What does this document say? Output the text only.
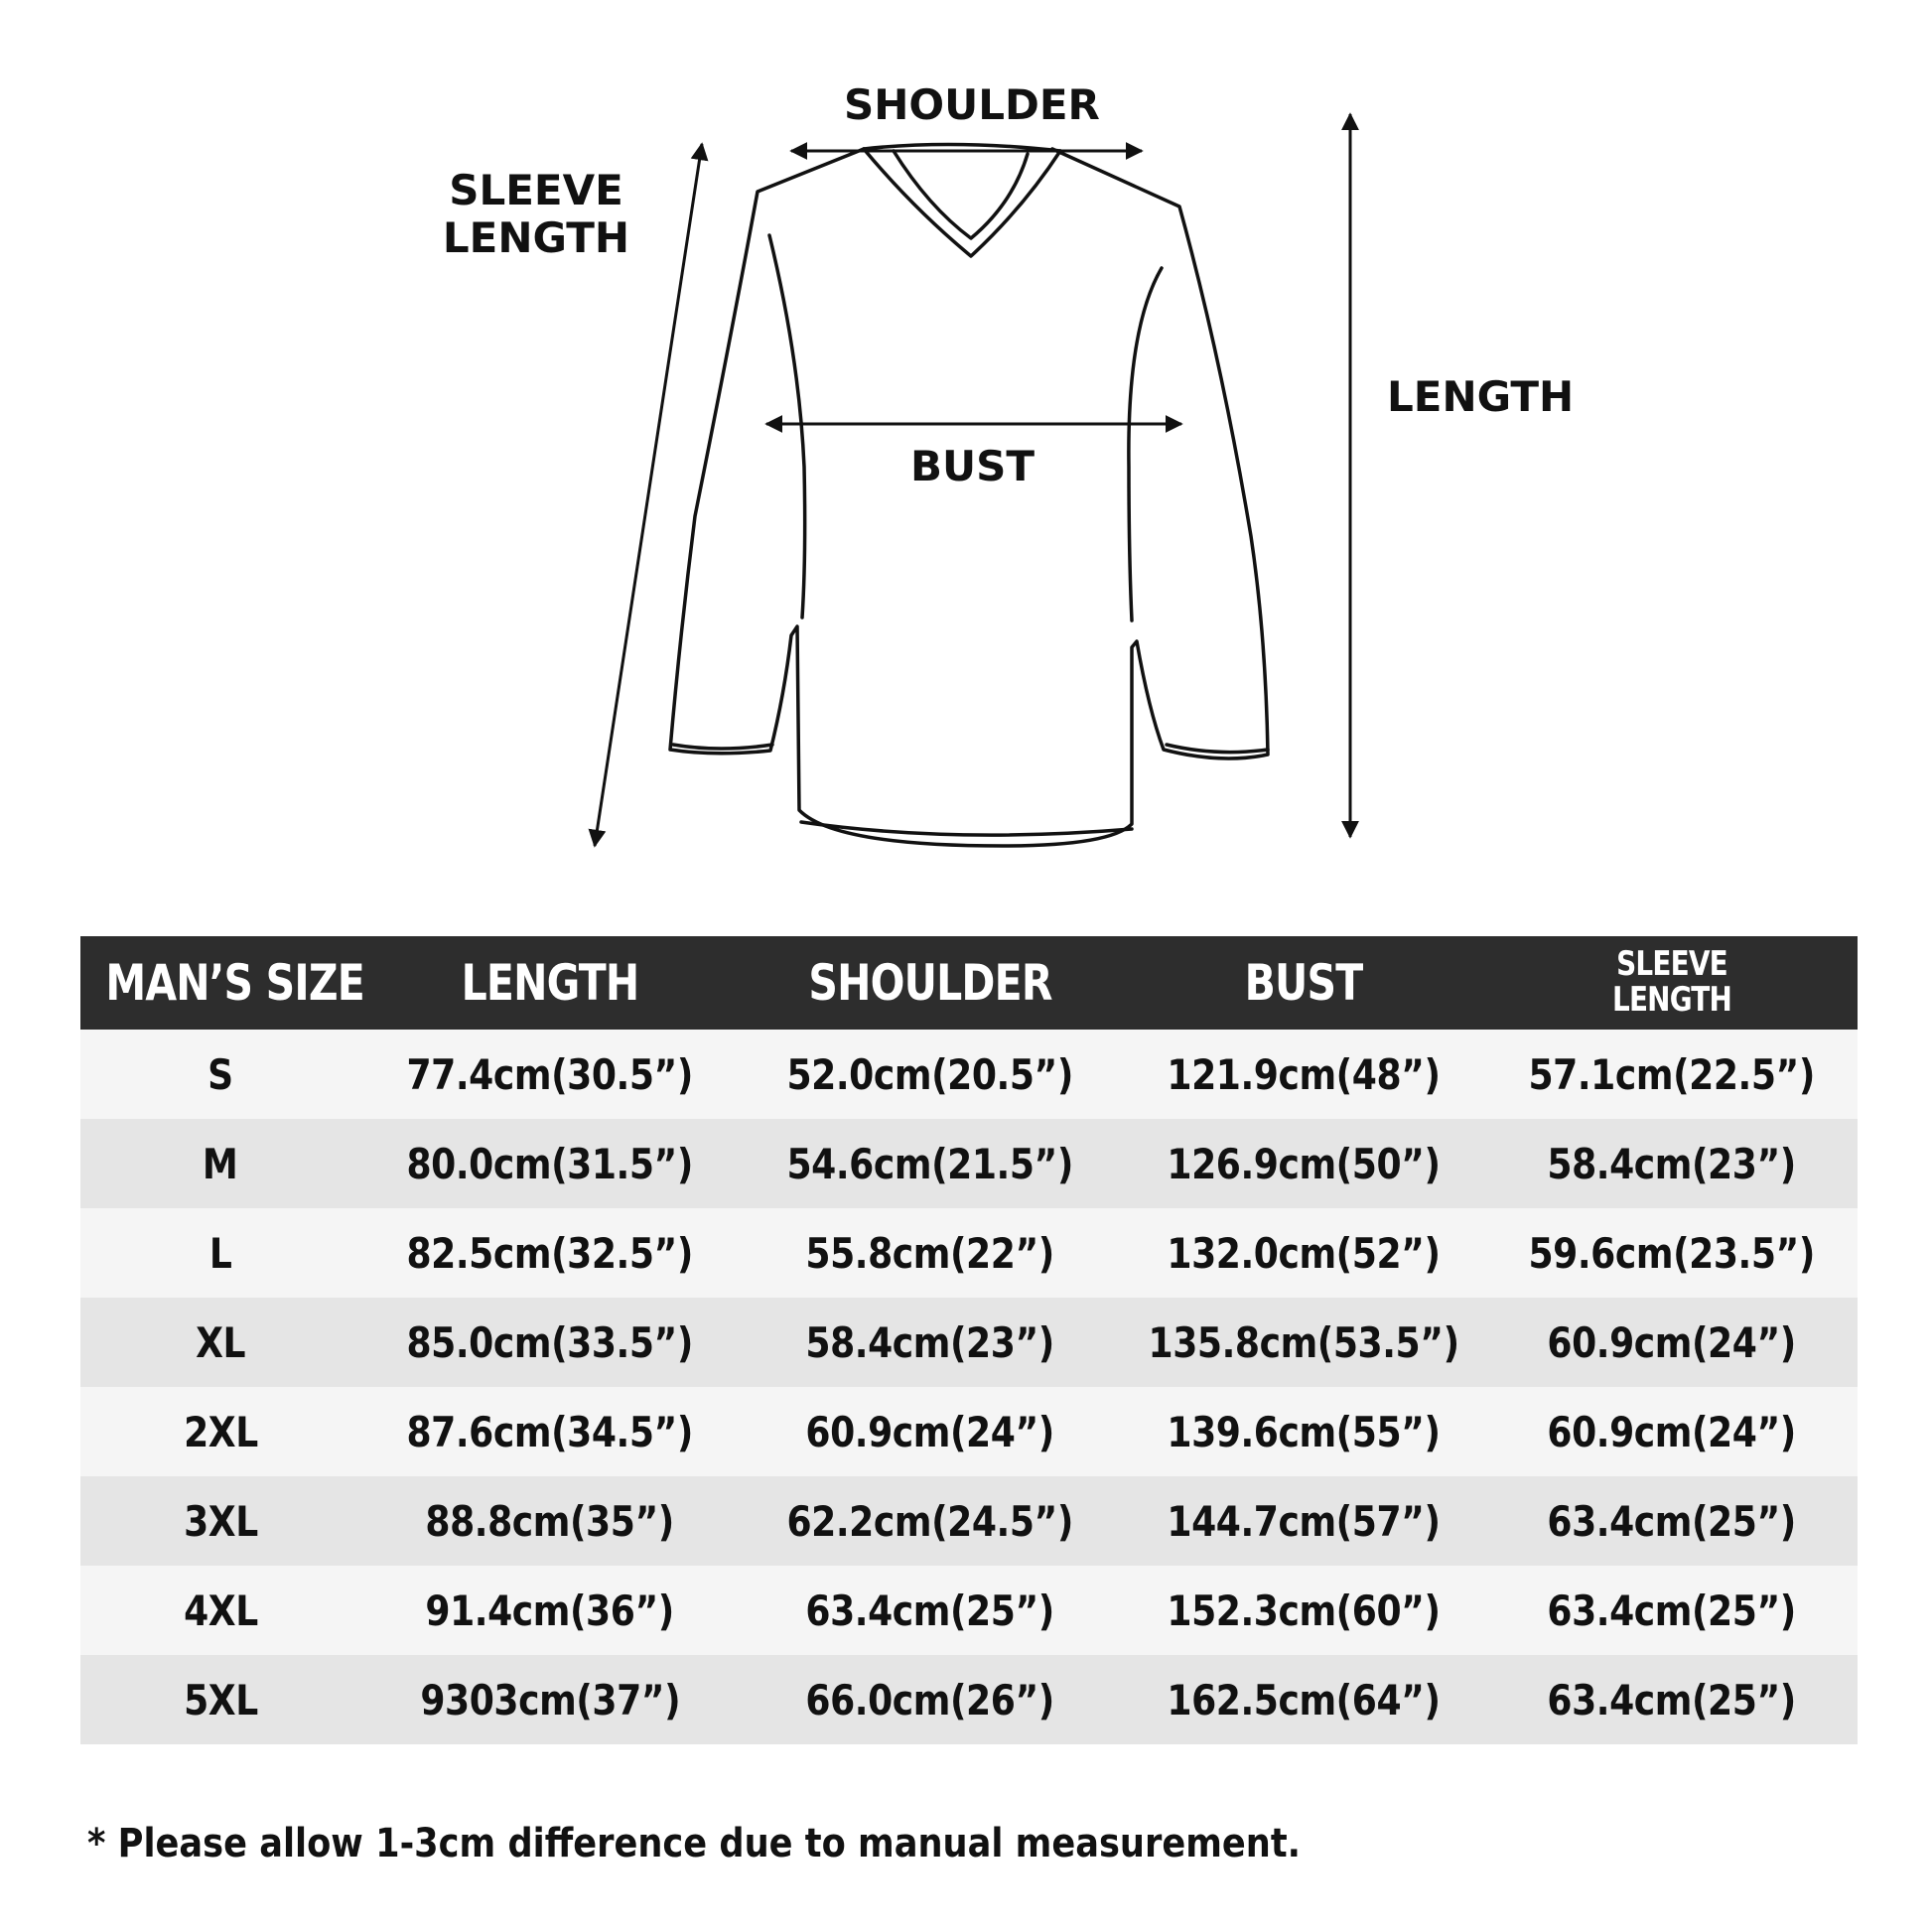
SHOULDER
SLEEVE
LENGTH
LENGTH
BUST
MAN’S SIZE	LENGTH	SHOULDER	BUST	SLEEVE
LENGTH

S	77.4cm(30.5”)	52.0cm(20.5”)	121.9cm(48”)	57.1cm(22.5”)
M	80.0cm(31.5”)	54.6cm(21.5”)	126.9cm(50”)	58.4cm(23”)
L	82.5cm(32.5”)	55.8cm(22”)	132.0cm(52”)	59.6cm(23.5”)
XL	85.0cm(33.5”)	58.4cm(23”)	135.8cm(53.5”)	60.9cm(24”)
2XL	87.6cm(34.5”)	60.9cm(24”)	139.6cm(55”)	60.9cm(24”)
3XL	88.8cm(35”)	62.2cm(24.5”)	144.7cm(57”)	63.4cm(25”)
4XL	91.4cm(36”)	63.4cm(25”)	152.3cm(60”)	63.4cm(25”)
5XL	9303cm(37”)	66.0cm(26”)	162.5cm(64”)	63.4cm(25”)
* Please allow 1-3cm difference due to manual measurement.
